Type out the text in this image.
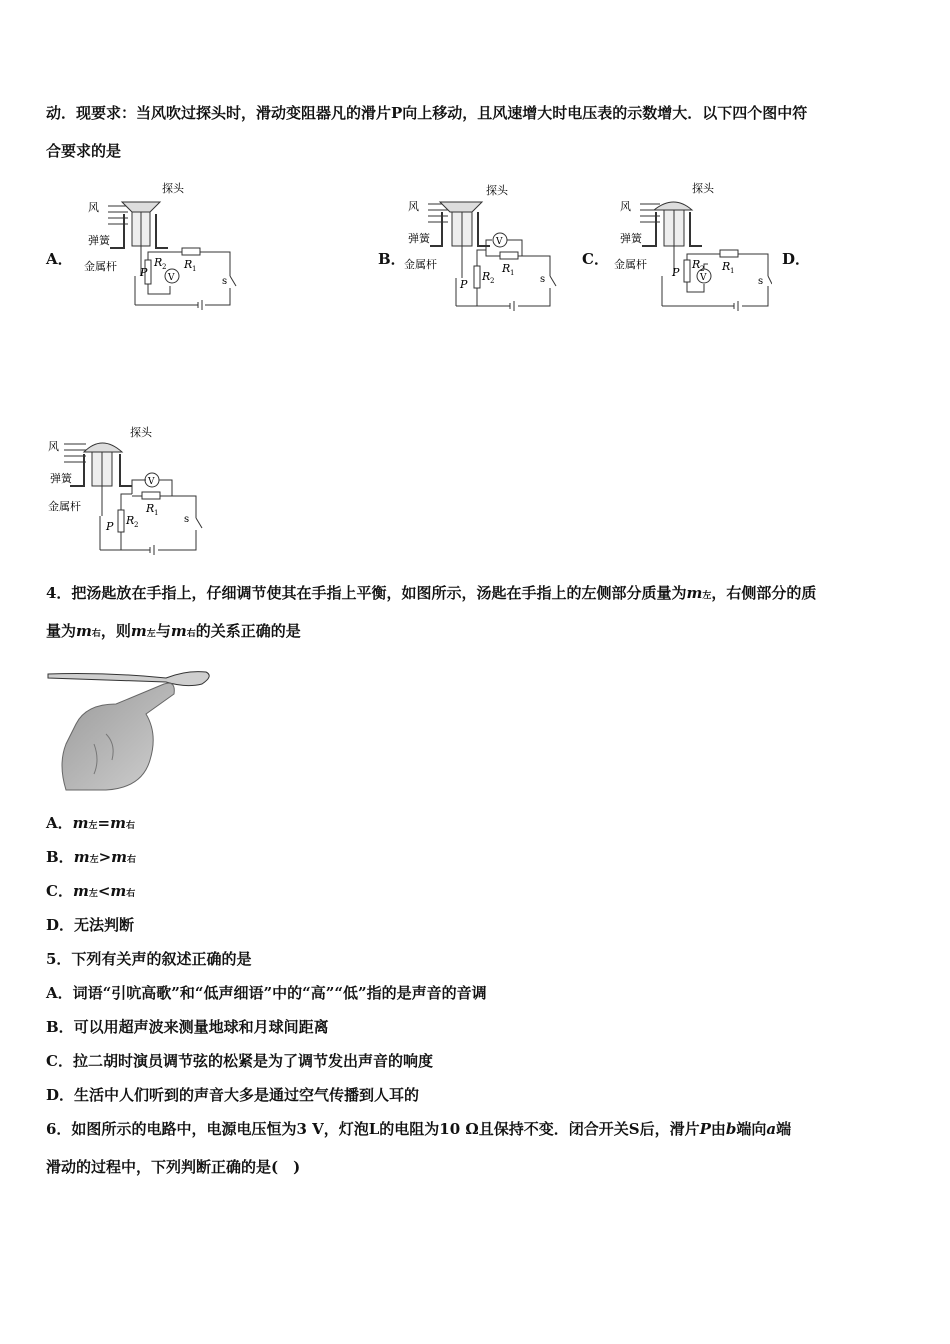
动．现要求：当风吹过探头时，滑动变阻器凡的滑片P向上移动，且风速增大时电压表的示数增大．以下四个图中符
合要求的是
A．	B．	C．	D．
风
探头
弹簧
金属杆 P
R 2
V
R 1
s
风
探头
弹簧
金属杆
P
R 2
V
R 1
s
风
探头
弹簧
金属杆
P
R 2
V
R 1
s
风
探头
弹簧
金属杆
P R 2
V
R 1
s
4．把汤匙放在手指上，仔细调节使其在手指上平衡，如图所示，汤匙在手指上的左侧部分质量为m左，右侧部分的质
量为m右，则m左与m右的关系正确的是
A．m左=m右
B．m左>m右
C．m左<m右
D．无法判断
5．下列有关声的叙述正确的是
A．词语“引吭高歌”和“低声细语”中的“高”“低”指的是声音的音调
B．可以用超声波来测量地球和月球间距离
C．拉二胡时演员调节弦的松紧是为了调节发出声音的响度
D．生活中人们听到的声音大多是通过空气传播到人耳的
6．如图所示的电路中，电源电压恒为3 V，灯泡L的电阻为10 Ω且保持不变．闭合开关S后，滑片P由b端向a端
滑动的过程中，下列判断正确的是(　)
